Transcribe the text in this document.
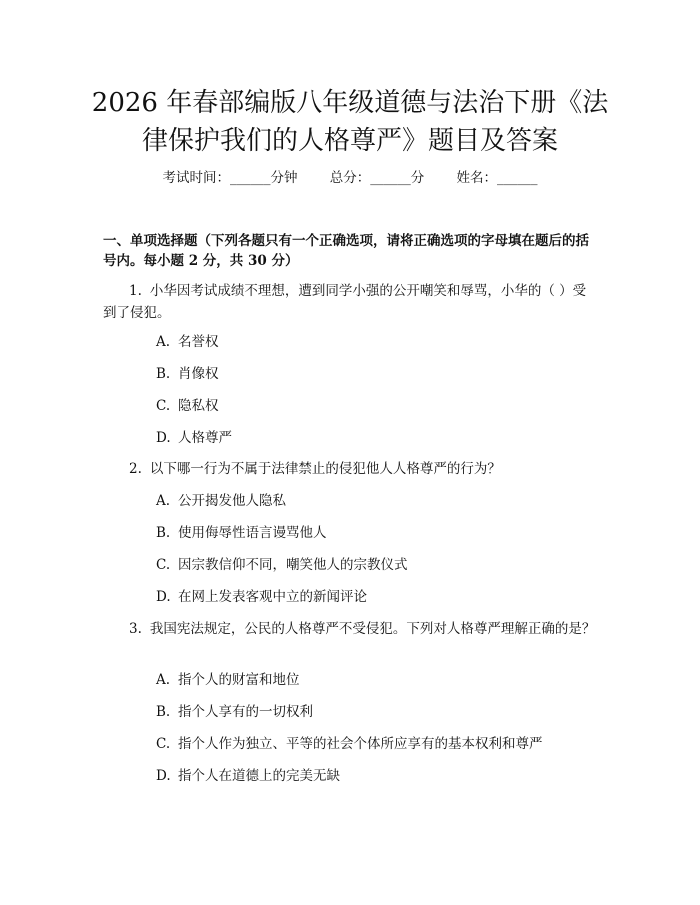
2026 年春部编版八年级道德与法治下册《法
律保护我们的人格尊严》题目及答案
考试时间：______分钟 总分：______分 姓名：______

一、单项选择题（下列各题只有一个正确选项，请将正确选项的字母填在题后的括号内。每小题 2 分，共 30 分）

1. 小华因考试成绩不理想，遭到同学小强的公开嘲笑和辱骂，小华的（ ）受到了侵犯。

A. 名誉权

B. 肖像权

C. 隐私权

D. 人格尊严

2. 以下哪一行为不属于法律禁止的侵犯他人人格尊严的行为？

A. 公开揭发他人隐私

B. 使用侮辱性语言谩骂他人

C. 因宗教信仰不同，嘲笑他人的宗教仪式

D. 在网上发表客观中立的新闻评论

3. 我国宪法规定，公民的人格尊严不受侵犯。下列对人格尊严理解正确的是？

A. 指个人的财富和地位

B. 指个人享有的一切权利

C. 指个人作为独立、平等的社会个体所应享有的基本权利和尊严

D. 指个人在道德上的完美无缺
